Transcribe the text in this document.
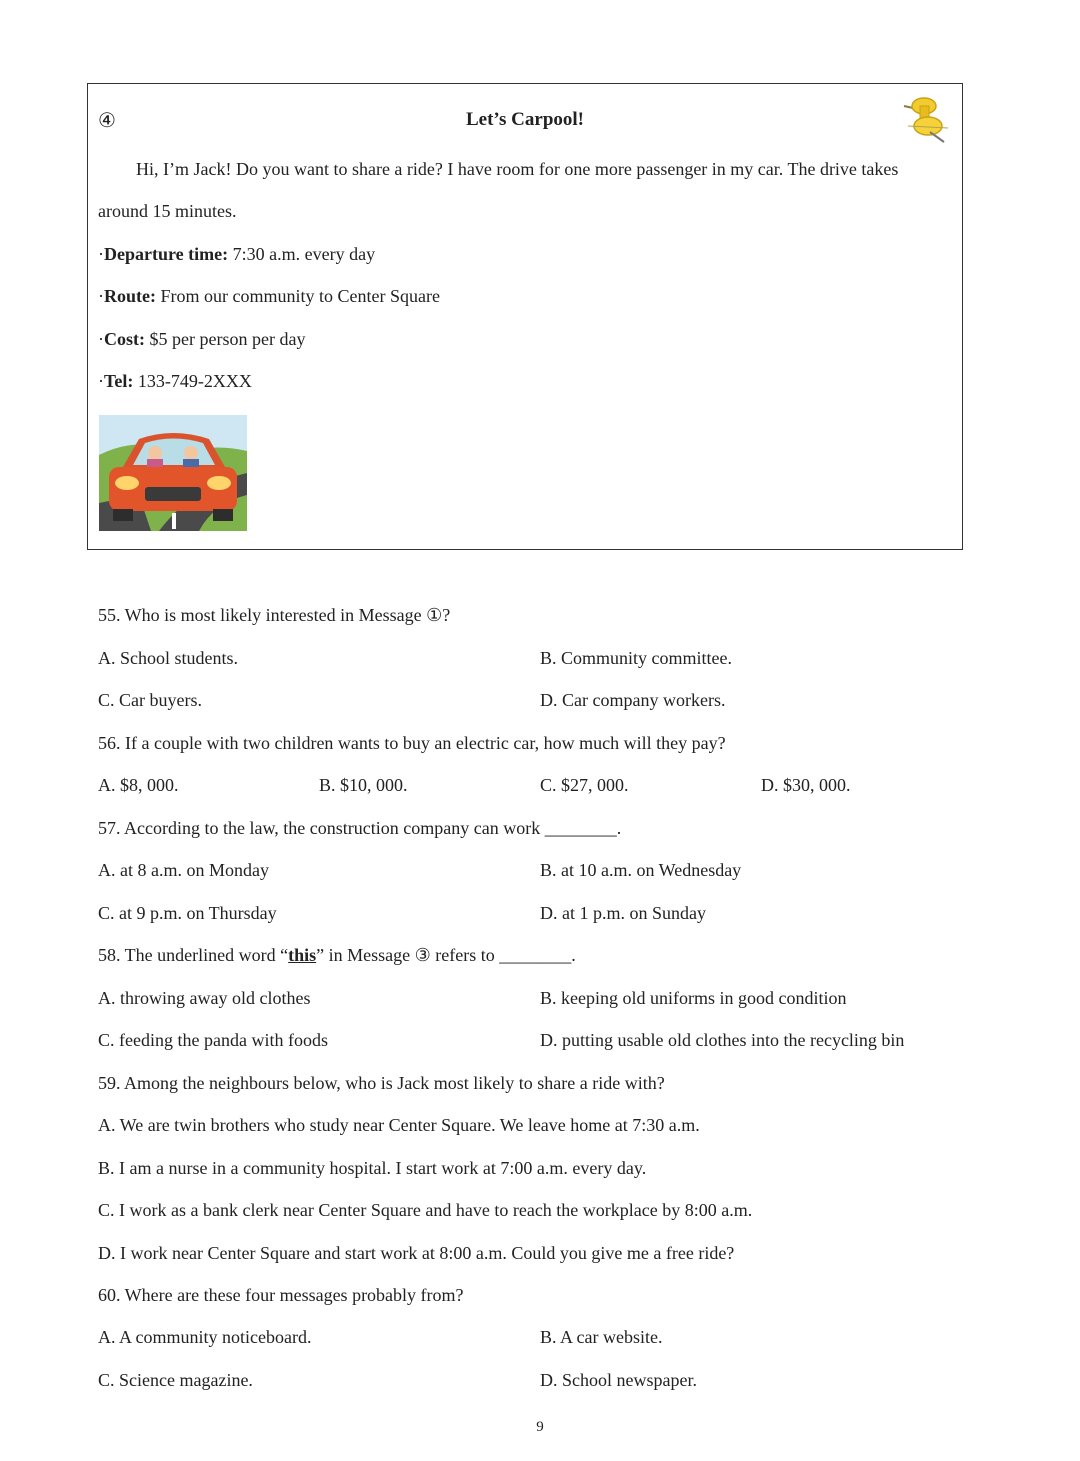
④	Let’s Carpool!
Hi, I’m Jack! Do you want to share a ride? I have room for one more passenger in my car. The drive takes
around 15 minutes.
·Departure time: 7:30 a.m. every day
·Route: From our community to Center Square
·Cost: $5 per person per day
·Tel: 133-749-2XXX
55. Who is most likely interested in Message ①?
A. School students.	B. Community committee.
C. Car buyers.	D. Car company workers.
56. If a couple with two children wants to buy an electric car, how much will they pay?
A. $8, 000.	B. $10, 000.	C. $27, 000.	D. $30, 000.
57. According to the law, the construction company can work ________.
A. at 8 a.m. on Monday	B. at 10 a.m. on Wednesday
C. at 9 p.m. on Thursday	D. at 1 p.m. on Sunday
58. The underlined word “this” in Message ③ refers to ________.
A. throwing away old clothes	B. keeping old uniforms in good condition
C. feeding the panda with foods	D. putting usable old clothes into the recycling bin
59. Among the neighbours below, who is Jack most likely to share a ride with?
A. We are twin brothers who study near Center Square. We leave home at 7:30 a.m.
B. I am a nurse in a community hospital. I start work at 7:00 a.m. every day.
C. I work as a bank clerk near Center Square and have to reach the workplace by 8:00 a.m.
D. I work near Center Square and start work at 8:00 a.m. Could you give me a free ride?
60. Where are these four messages probably from?
A. A community noticeboard.	B. A car website.
C. Science magazine.	D. School newspaper.
9
